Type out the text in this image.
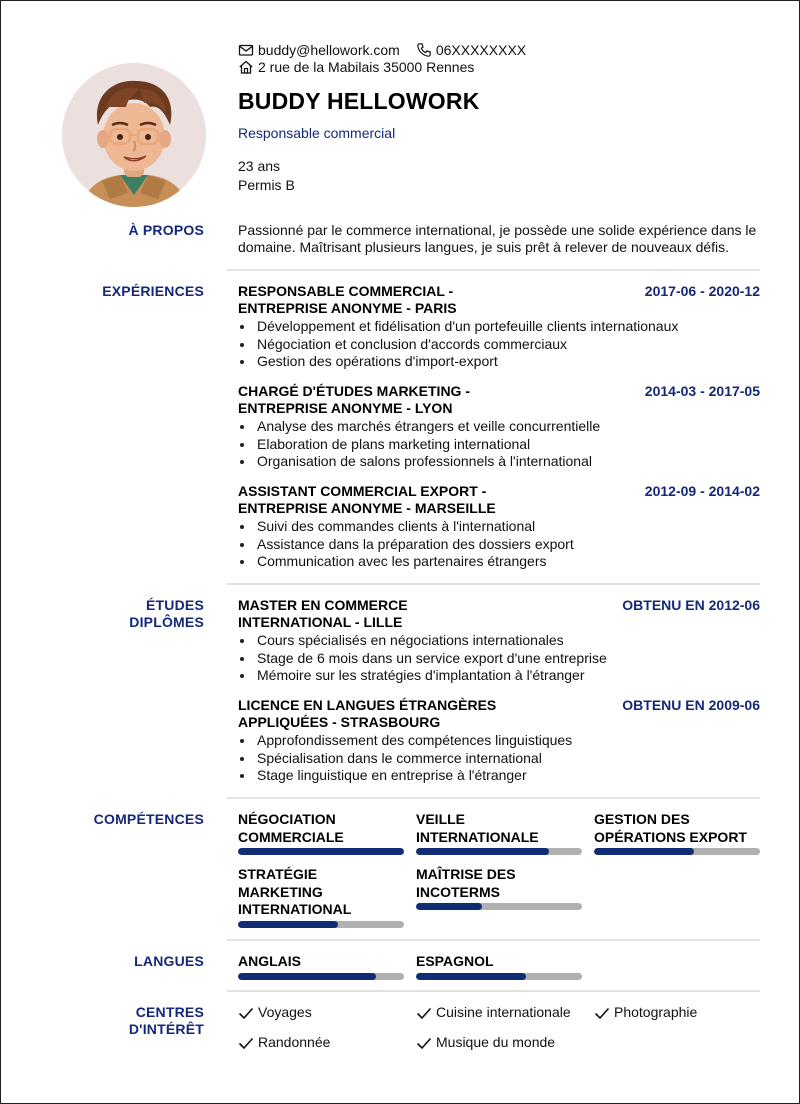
buddy@hellowork.com	06XXXXXXXX
2 rue de la Mabilais 35000 Rennes
BUDDY HELLOWORK
Responsable commercial
23 ans
Permis B
À PROPOS Passionné par le commerce international, je possède une solide expérience dans le domaine. Maîtrisant plusieurs langues, je suis prêt à relever de nouveaux défis.
EXPÉRIENCES RESPONSABLE COMMERCIAL - ENTREPRISE ANONYME - PARIS
2017-06 - 2020-12
Développement et fidélisation d'un portefeuille clients internationaux
Négociation et conclusion d'accords commerciaux
Gestion des opérations d'import-export
CHARGÉ D'ÉTUDES MARKETING - ENTREPRISE ANONYME - LYON
2014-03 - 2017-05
Analyse des marchés étrangers et veille concurrentielle
Elaboration de plans marketing international
Organisation de salons professionnels à l'international
ASSISTANT COMMERCIAL EXPORT - ENTREPRISE ANONYME - MARSEILLE
2012-09 - 2014-02
Suivi des commandes clients à l'international
Assistance dans la préparation des dossiers export
Communication avec les partenaires étrangers
ÉTUDES
DIPLÔMES
MASTER EN COMMERCE INTERNATIONAL - LILLE
OBTENU EN 2012-06
Cours spécialisés en négociations internationales
Stage de 6 mois dans un service export d'une entreprise
Mémoire sur les stratégies d'implantation à l'étranger
LICENCE EN LANGUES ÉTRANGÈRES APPLIQUÉES - STRASBOURG
OBTENU EN 2009-06
Approfondissement des compétences linguistiques
Spécialisation dans le commerce international
Stage linguistique en entreprise à l'étranger
COMPÉTENCES NÉGOCIATION COMMERCIALE
VEILLE INTERNATIONALE
GESTION DES OPÉRATIONS EXPORT
STRATÉGIE MARKETING INTERNATIONAL
MAÎTRISE DES INCOTERMS
LANGUES ANGLAIS	ESPAGNOL
CENTRES
D'INTÉRÊT
Voyages	Cuisine internationale	Photographie
Randonnée	Musique du monde
